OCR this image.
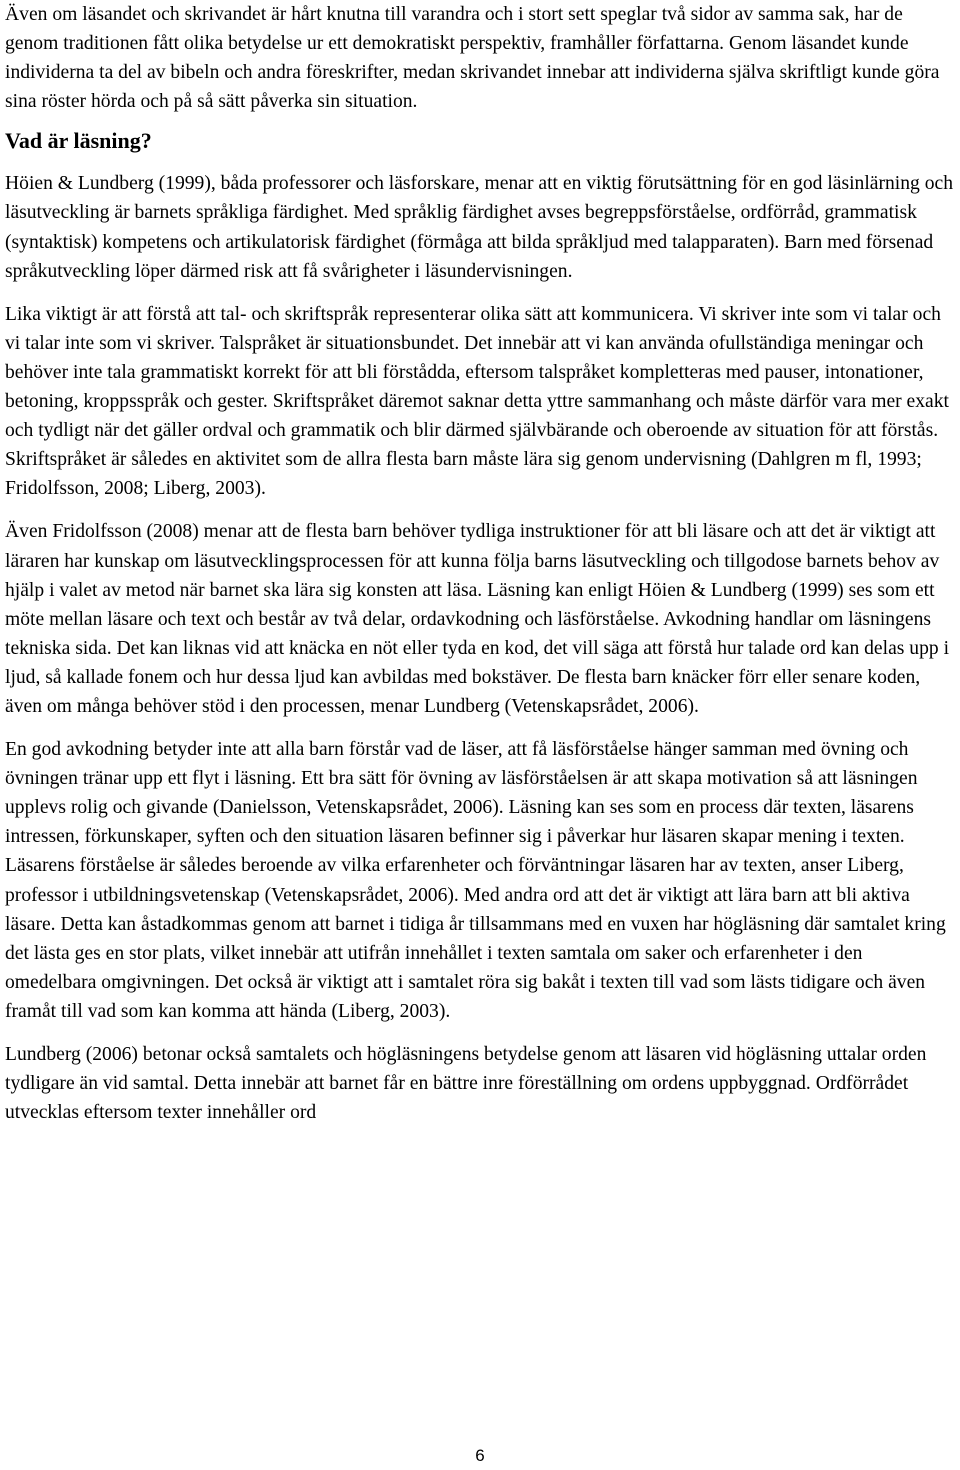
Även om läsandet och skrivandet är hårt knutna till varandra och i stort sett speglar två sidor av samma sak, har de genom traditionen fått olika betydelse ur ett demokratiskt perspektiv, framhåller författarna. Genom läsandet kunde individerna ta del av bibeln och andra föreskrifter, medan skrivandet innebar att individerna själva skriftligt kunde göra sina röster hörda och på så sätt påverka sin situation.

Vad är läsning?

Höien & Lundberg (1999), båda professorer och läsforskare, menar att en viktig förutsättning för en god läsinlärning och läsutveckling är barnets språkliga färdighet. Med språklig färdighet avses begreppsförståelse, ordförråd, grammatisk (syntaktisk) kompetens och artikulatorisk färdighet (förmåga att bilda språkljud med talapparaten). Barn med försenad språkutveckling löper därmed risk att få svårigheter i läsundervisningen.

Lika viktigt är att förstå att tal- och skriftspråk representerar olika sätt att kommunicera. Vi skriver inte som vi talar och vi talar inte som vi skriver. Talspråket är situationsbundet. Det innebär att vi kan använda ofullständiga meningar och behöver inte tala grammatiskt korrekt för att bli förstådda, eftersom talspråket kompletteras med pauser, intonationer, betoning, kroppsspråk och gester. Skriftspråket däremot saknar detta yttre sammanhang och måste därför vara mer exakt och tydligt när det gäller ordval och grammatik och blir därmed självbärande och oberoende av situation för att förstås. Skriftspråket är således en aktivitet som de allra flesta barn måste lära sig genom undervisning (Dahlgren m fl, 1993; Fridolfsson, 2008; Liberg, 2003).

Även Fridolfsson (2008) menar att de flesta barn behöver tydliga instruktioner för att bli läsare och att det är viktigt att läraren har kunskap om läsutvecklingsprocessen för att kunna följa barns läsutveckling och tillgodose barnets behov av hjälp i valet av metod när barnet ska lära sig konsten att läsa. Läsning kan enligt Höien & Lundberg (1999) ses som ett möte mellan läsare och text och består av två delar, ordavkodning och läsförståelse. Avkodning handlar om läsningens tekniska sida. Det kan liknas vid att knäcka en nöt eller tyda en kod, det vill säga att förstå hur talade ord kan delas upp i ljud, så kallade fonem och hur dessa ljud kan avbildas med bokstäver. De flesta barn knäcker förr eller senare koden, även om många behöver stöd i den processen, menar Lundberg (Vetenskapsrådet, 2006).

En god avkodning betyder inte att alla barn förstår vad de läser, att få läsförståelse hänger samman med övning och övningen tränar upp ett flyt i läsning. Ett bra sätt för övning av läsförståelsen är att skapa motivation så att läsningen upplevs rolig och givande (Danielsson, Vetenskapsrådet, 2006). Läsning kan ses som en process där texten, läsarens intressen, förkunskaper, syften och den situation läsaren befinner sig i påverkar hur läsaren skapar mening i texten. Läsarens förståelse är således beroende av vilka erfarenheter och förväntningar läsaren har av texten, anser Liberg, professor i utbildningsvetenskap (Vetenskapsrådet, 2006). Med andra ord att det är viktigt att lära barn att bli aktiva läsare. Detta kan åstadkommas genom att barnet i tidiga år tillsammans med en vuxen har högläsning där samtalet kring det lästa ges en stor plats, vilket innebär att utifrån innehållet i texten samtala om saker och erfarenheter i den omedelbara omgivningen. Det också är viktigt att i samtalet röra sig bakåt i texten till vad som lästs tidigare och även framåt till vad som kan komma att hända (Liberg, 2003).

Lundberg (2006) betonar också samtalets och högläsningens betydelse genom att läsaren vid högläsning uttalar orden tydligare än vid samtal. Detta innebär att barnet får en bättre inre föreställning om ordens uppbyggnad. Ordförrådet utvecklas eftersom texter innehåller ord

6
